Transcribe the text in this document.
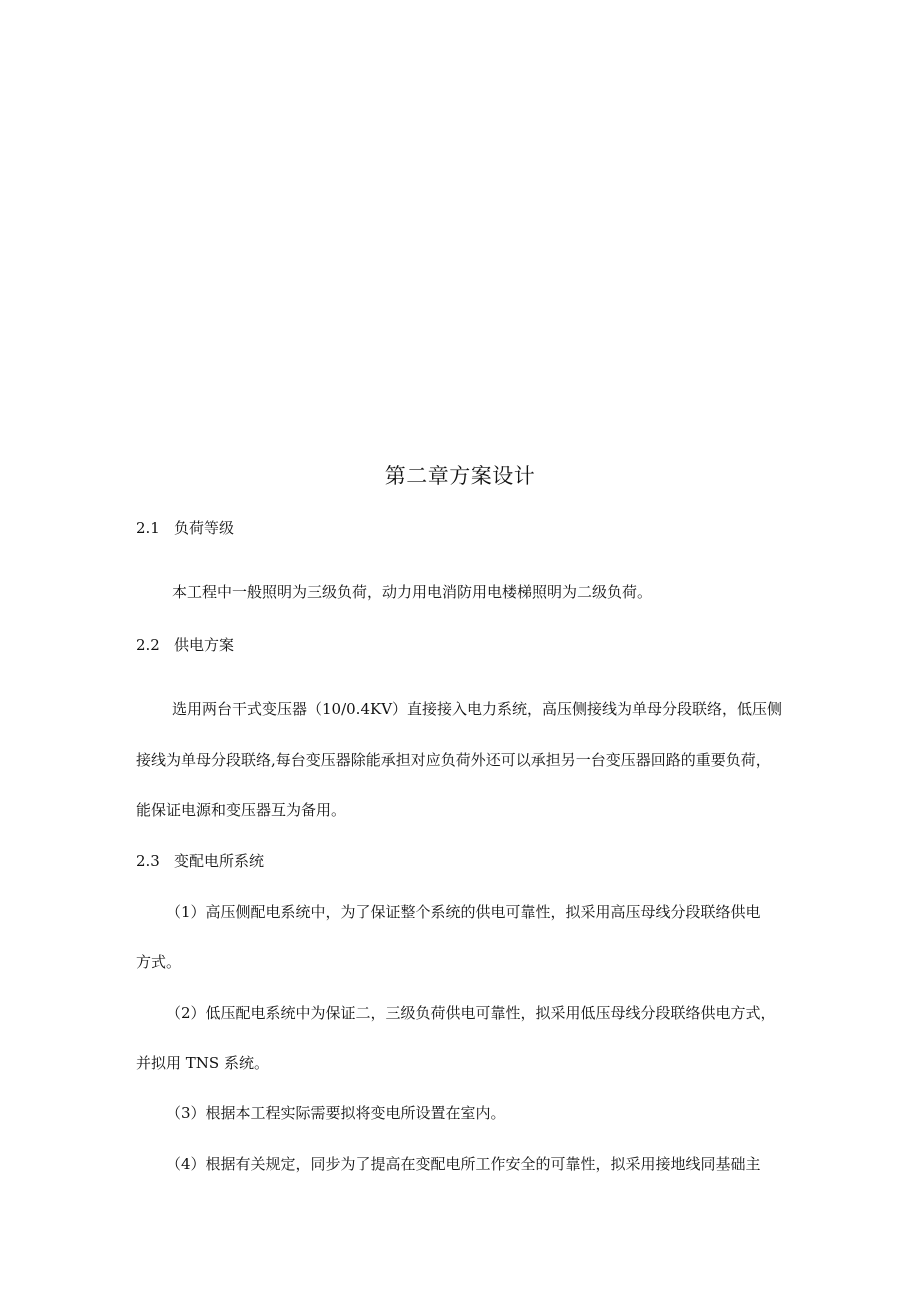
第二章方案设计
2.1 负荷等级
本工程中一般照明为三级负荷，动力用电消防用电楼梯照明为二级负荷。
2.2 供电方案
选用两台干式变压器（10/0.4KV）直接接入电力系统，高压侧接线为单母分段联络，低压侧
接线为单母分段联络,每台变压器除能承担对应负荷外还可以承担另一台变压器回路的重要负荷，
能保证电源和变压器互为备用。
2.3 变配电所系统
（1）高压侧配电系统中，为了保证整个系统的供电可靠性，拟采用高压母线分段联络供电
方式。
（2）低压配电系统中为保证二，三级负荷供电可靠性，拟采用低压母线分段联络供电方式，
并拟用 TNS 系统。
（3）根据本工程实际需要拟将变电所设置在室内。
（4）根据有关规定，同步为了提高在变配电所工作安全的可靠性，拟采用接地线同基础主
